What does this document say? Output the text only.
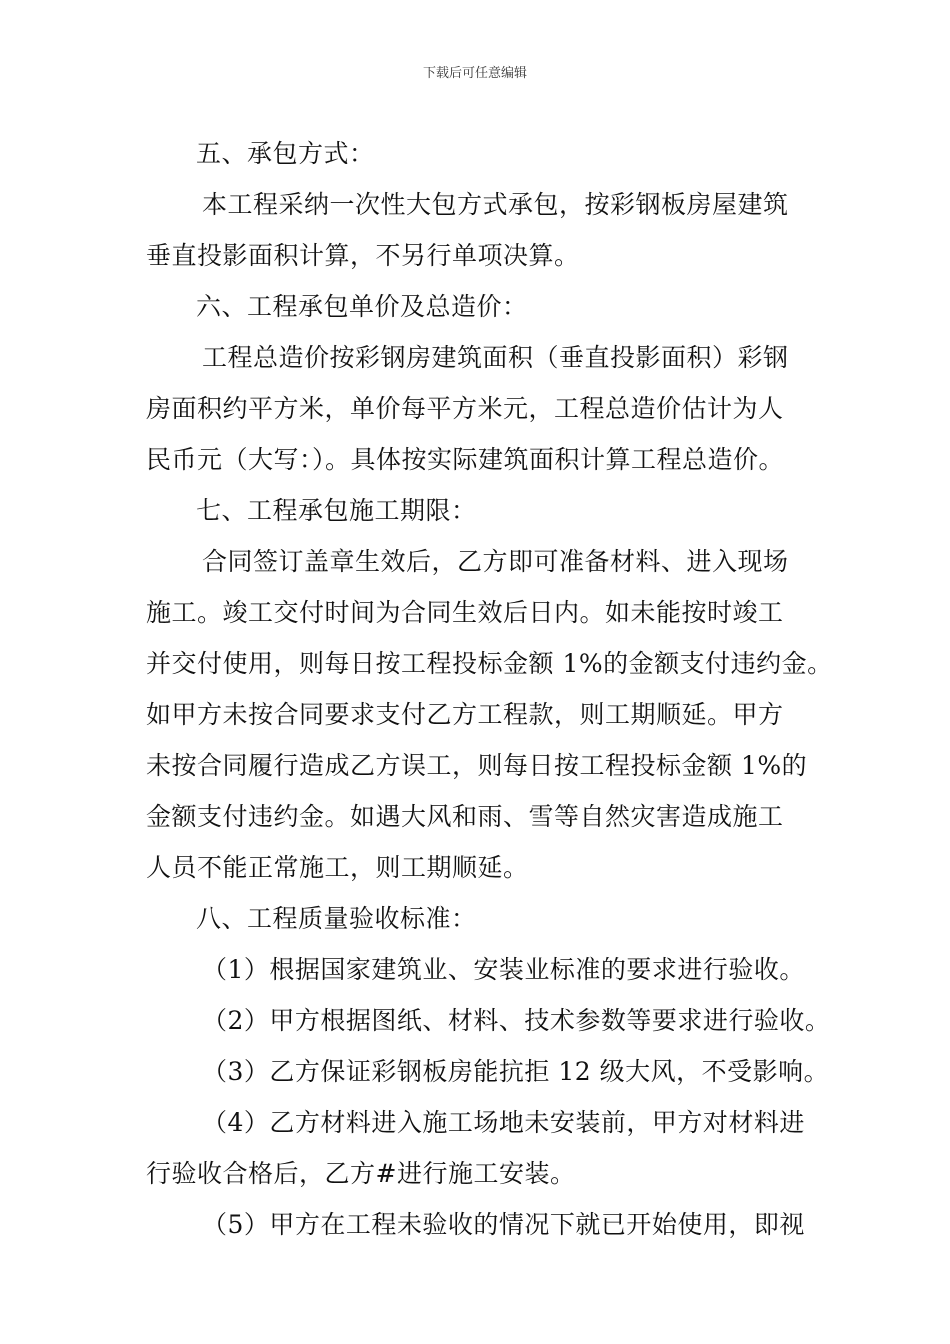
下载后可任意编辑
五、承包方式：
本工程采纳一次性大包方式承包，按彩钢板房屋建筑
垂直投影面积计算，不另行单项决算。
六、工程承包单价及总造价：
工程总造价按彩钢房建筑面积（垂直投影面积）彩钢
房面积约平方米，单价每平方米元，工程总造价估计为人
民币元（大写：）。具体按实际建筑面积计算工程总造价。
七、工程承包施工期限：
合同签订盖章生效后，乙方即可准备材料、进入现场
施工。竣工交付时间为合同生效后日内。如未能按时竣工
并交付使用，则每日按工程投标金额 1%的金额支付违约金。
如甲方未按合同要求支付乙方工程款，则工期顺延。甲方
未按合同履行造成乙方误工，则每日按工程投标金额 1%的
金额支付违约金。如遇大风和雨、雪等自然灾害造成施工
人员不能正常施工，则工期顺延。
八、工程质量验收标准：
（1）根据国家建筑业、安装业标准的要求进行验收。
（2）甲方根据图纸、材料、技术参数等要求进行验收。
（3）乙方保证彩钢板房能抗拒 12 级大风，不受影响。
（4）乙方材料进入施工场地未安装前，甲方对材料进
行验收合格后，乙方#进行施工安装。
（5）甲方在工程未验收的情况下就已开始使用，即视
